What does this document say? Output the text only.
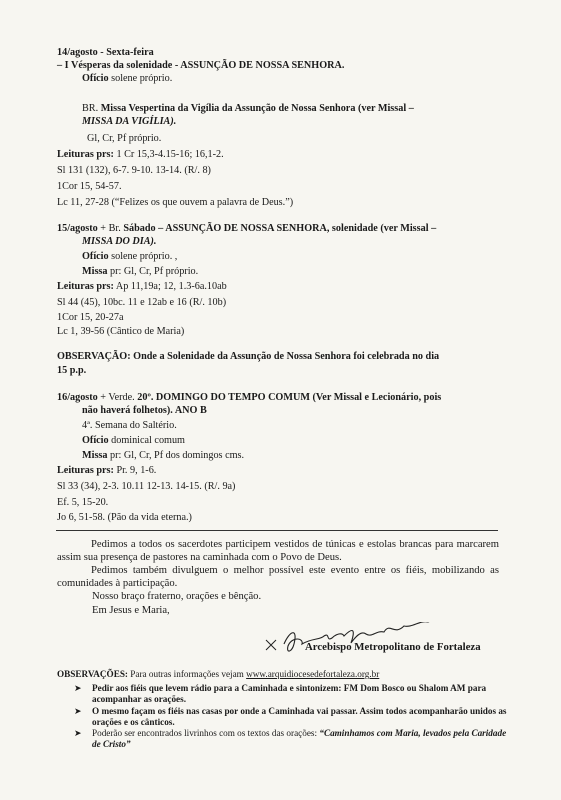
14/agosto - Sexta-feira
– I Vésperas da solenidade - ASSUNÇÃO DE NOSSA SENHORA.
Ofício solene próprio.
BR. Missa Vespertina da Vigília da Assunção de Nossa Senhora (ver Missal –
MISSA DA VIGÍLIA).
Gl, Cr, Pf próprio.
Leituras prs: 1 Cr 15,3-4.15-16; 16,1-2.
Sl 131 (132), 6-7. 9-10. 13-14. (R/. 8)
1Cor 15, 54-57.
Lc 11, 27-28 (“Felizes os que ouvem a palavra de Deus.”)
15/agosto + Br. Sábado – ASSUNÇÃO DE NOSSA SENHORA, solenidade (ver Missal –
MISSA DO DIA).
Ofício solene próprio. ,
Missa pr: Gl, Cr, Pf próprio.
Leituras prs: Ap 11,19a; 12, 1.3-6a.10ab
Sl 44 (45), 10bc. 11 e 12ab e 16 (R/. 10b)
1Cor 15, 20-27a
Lc 1, 39-56 (Cântico de Maria)
OBSERVAÇÃO: Onde a Solenidade da Assunção de Nossa Senhora foi celebrada no dia
15 p.p.
16/agosto + Verde. 20º. DOMINGO DO TEMPO COMUM (Ver Missal e Lecionário, pois
não haverá folhetos). ANO B
4ª. Semana do Saltério.
Ofício dominical comum
Missa pr: Gl, Cr, Pf dos domingos cms.
Leituras prs: Pr. 9, 1-6.
Sl 33 (34), 2-3. 10.11 12-13. 14-15. (R/. 9a)
Ef. 5, 15-20.
Jo 6, 51-58. (Pão da vida eterna.)
Pedimos a todos os sacerdotes participem vestidos de túnicas e estolas brancas para marcarem assim sua presença de pastores na caminhada com o Povo de Deus.
Pedimos também divulguem o melhor possível este evento entre os fiéis, mobilizando as comunidades à participação.
Nosso braço fraterno, orações e bênção.
Em Jesus e Maria,
Arcebispo Metropolitano de Fortaleza
OBSERVAÇÕES: Para outras informações vejam www.arquidiocesedefortaleza.org.br
➤ Pedir aos fiéis que levem rádio para a Caminhada e sintonizem: FM Dom Bosco ou Shalom AM para acompanhar as orações.
➤ O mesmo façam os fiéis nas casas por onde a Caminhada vai passar. Assim todos acompanharão unidos as orações e os cânticos.
➤ Poderão ser encontrados livrinhos com os textos das orações: “Caminhamos com Maria, levados pela Caridade de Cristo”
